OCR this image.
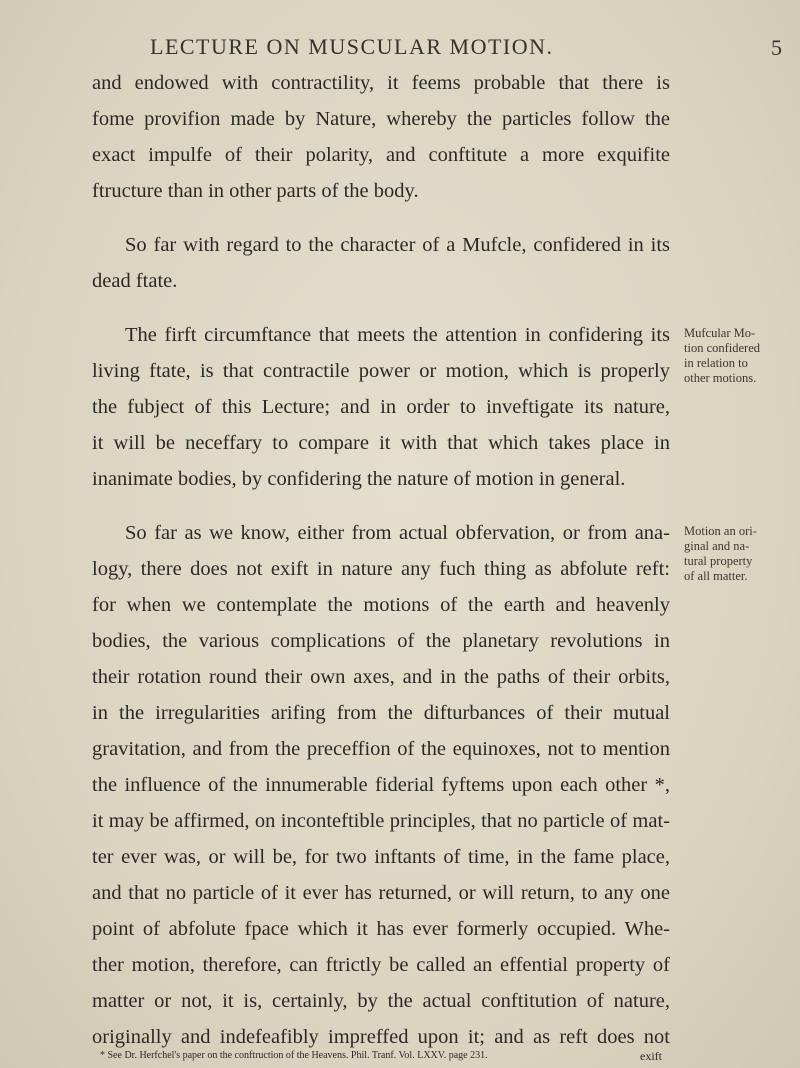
LECTURE ON MUSCULAR MOTION.	5
and endowed with contractility, it feems probable that there is
fome provifion made by Nature, whereby the particles follow the
exact impulfe of their polarity, and conftitute a more exquifite
ftructure than in other parts of the body.
So far with regard to the character of a Mufcle, confidered in its
dead ftate.
The firft circumftance that meets the attention in confidering its
living ftate, is that contractile power or motion, which is properly
the fubject of this Lecture; and in order to inveftigate its nature,
it will be neceffary to compare it with that which takes place in
inanimate bodies, by confidering the nature of motion in general.
So far as we know, either from actual obfervation, or from ana-
logy, there does not exift in nature any fuch thing as abfolute reft:
for when we contemplate the motions of the earth and heavenly
bodies, the various complications of the planetary revolutions in
their rotation round their own axes, and in the paths of their orbits,
in the irregularities arifing from the difturbances of their mutual
gravitation, and from the preceffion of the equinoxes, not to mention
the influence of the innumerable fiderial fyftems upon each other *,
it may be affirmed, on inconteftible principles, that no particle of mat-
ter ever was, or will be, for two inftants of time, in the fame place,
and that no particle of it ever has returned, or will return, to any one
point of abfolute fpace which it has ever formerly occupied. Whe-
ther motion, therefore, can ftrictly be called an effential property of
Mufcular Mo-
tion confidered
in relation to
other motions.
Motion an ori-
ginal and na-
tural property
of all matter.
matter or not, it is, certainly, by the actual conftitution of nature,
originally and indefeafibly impreffed upon it; and as reft does not
* See Dr. Herfchel's paper on the conftruction of the Heavens. Phil. Tranf. Vol. LXXV. page 231.	exift
